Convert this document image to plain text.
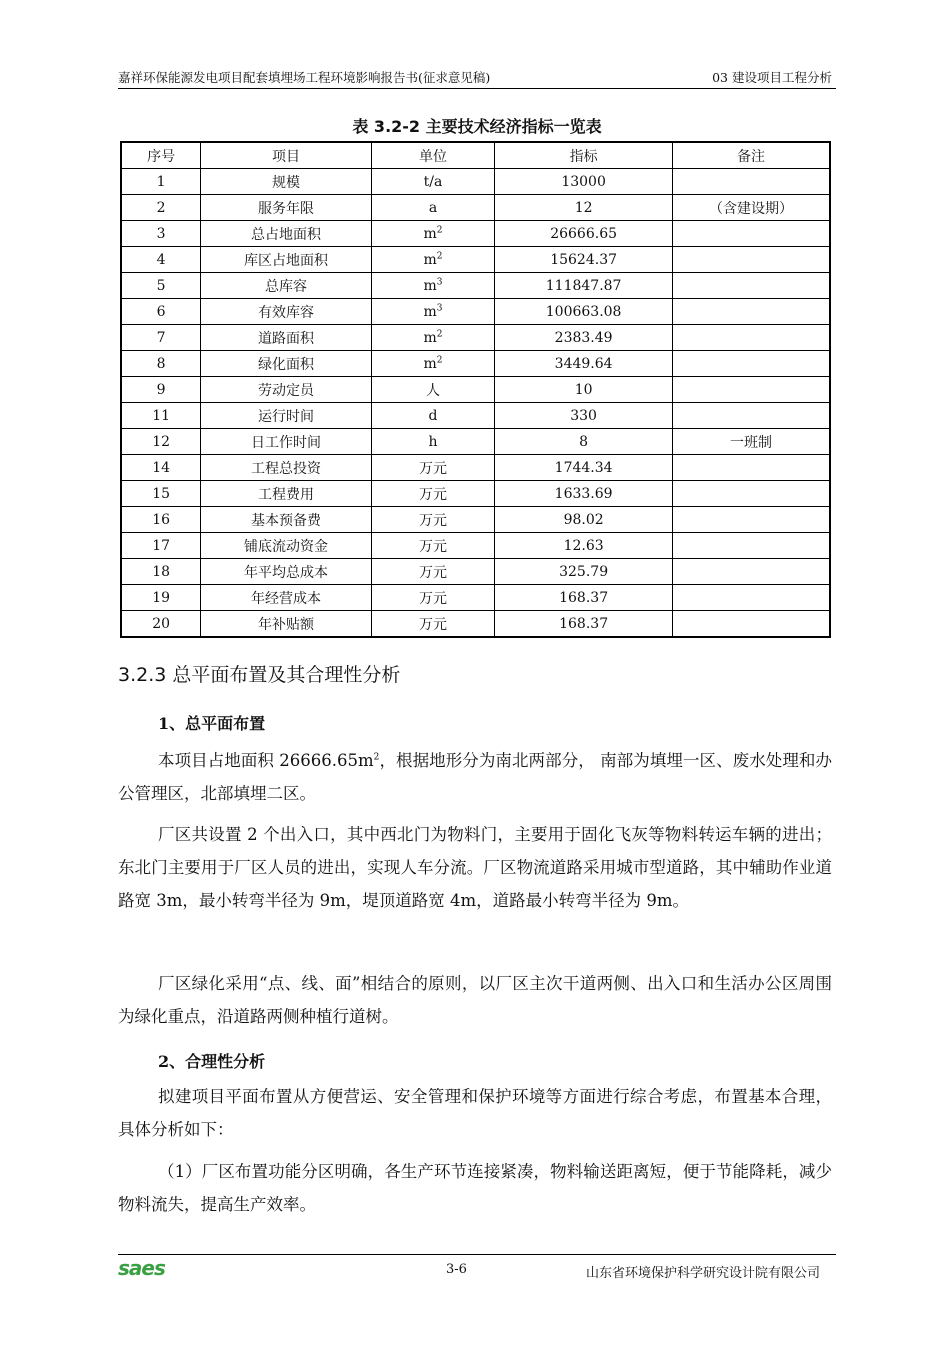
嘉祥环保能源发电项目配套填埋场工程环境影响报告书(征求意见稿)	03 建设项目工程分析
表 3.2-2 主要技术经济指标一览表
序号	项目	单位	指标	备注
1	规模	t/a	13000	
2	服务年限	a	12	（含建设期）
3	总占地面积	$m^2$	26666.65	
4	库区占地面积	$m^2$	15624.37	
5	总库容	$m^3$	111847.87	
6	有效库容	$m^3$	100663.08	
7	道路面积	$m^2$	2383.49	
8	绿化面积	$m^2$	3449.64	
9	劳动定员	人	10	
11	运行时间	d	330	
12	日工作时间	h	8	一班制
14	工程总投资	万元	1744.34	
15	工程费用	万元	1633.69	
16	基本预备费	万元	98.02	
17	铺底流动资金	万元	12.63	
18	年平均总成本	万元	325.79	
19	年经营成本	万元	168.37	
20	年补贴额	万元	168.37	
3.2.3 总平面布置及其合理性分析
1、总平面布置

本项目占地面积 $26666.65m^2$，根据地形分为南北两部分， 南部为填埋一区、废水处理和办公管理区，北部填埋二区。

厂区共设置 2 个出入口，其中西北门为物料门，主要用于固化飞灰等物料转运车辆的进出；东北门主要用于厂区人员的进出，实现人车分流。厂区物流道路采用城市型道路，其中辅助作业道路宽 3m，最小转弯半径为 9m，堤顶道路宽 4m，道路最小转弯半径为 9m。

厂区绿化采用“点、线、面”相结合的原则，以厂区主次干道两侧、出入口和生活办公区周围为绿化重点，沿道路两侧种植行道树。

2、合理性分析

拟建项目平面布置从方便营运、安全管理和保护环境等方面进行综合考虑，布置基本合理，具体分析如下：

（1）厂区布置功能分区明确，各生产环节连接紧凑，物料输送距离短，便于节能降耗，减少物料流失，提高生产效率。

saes	3-6	山东省环境保护科学研究设计院有限公司
